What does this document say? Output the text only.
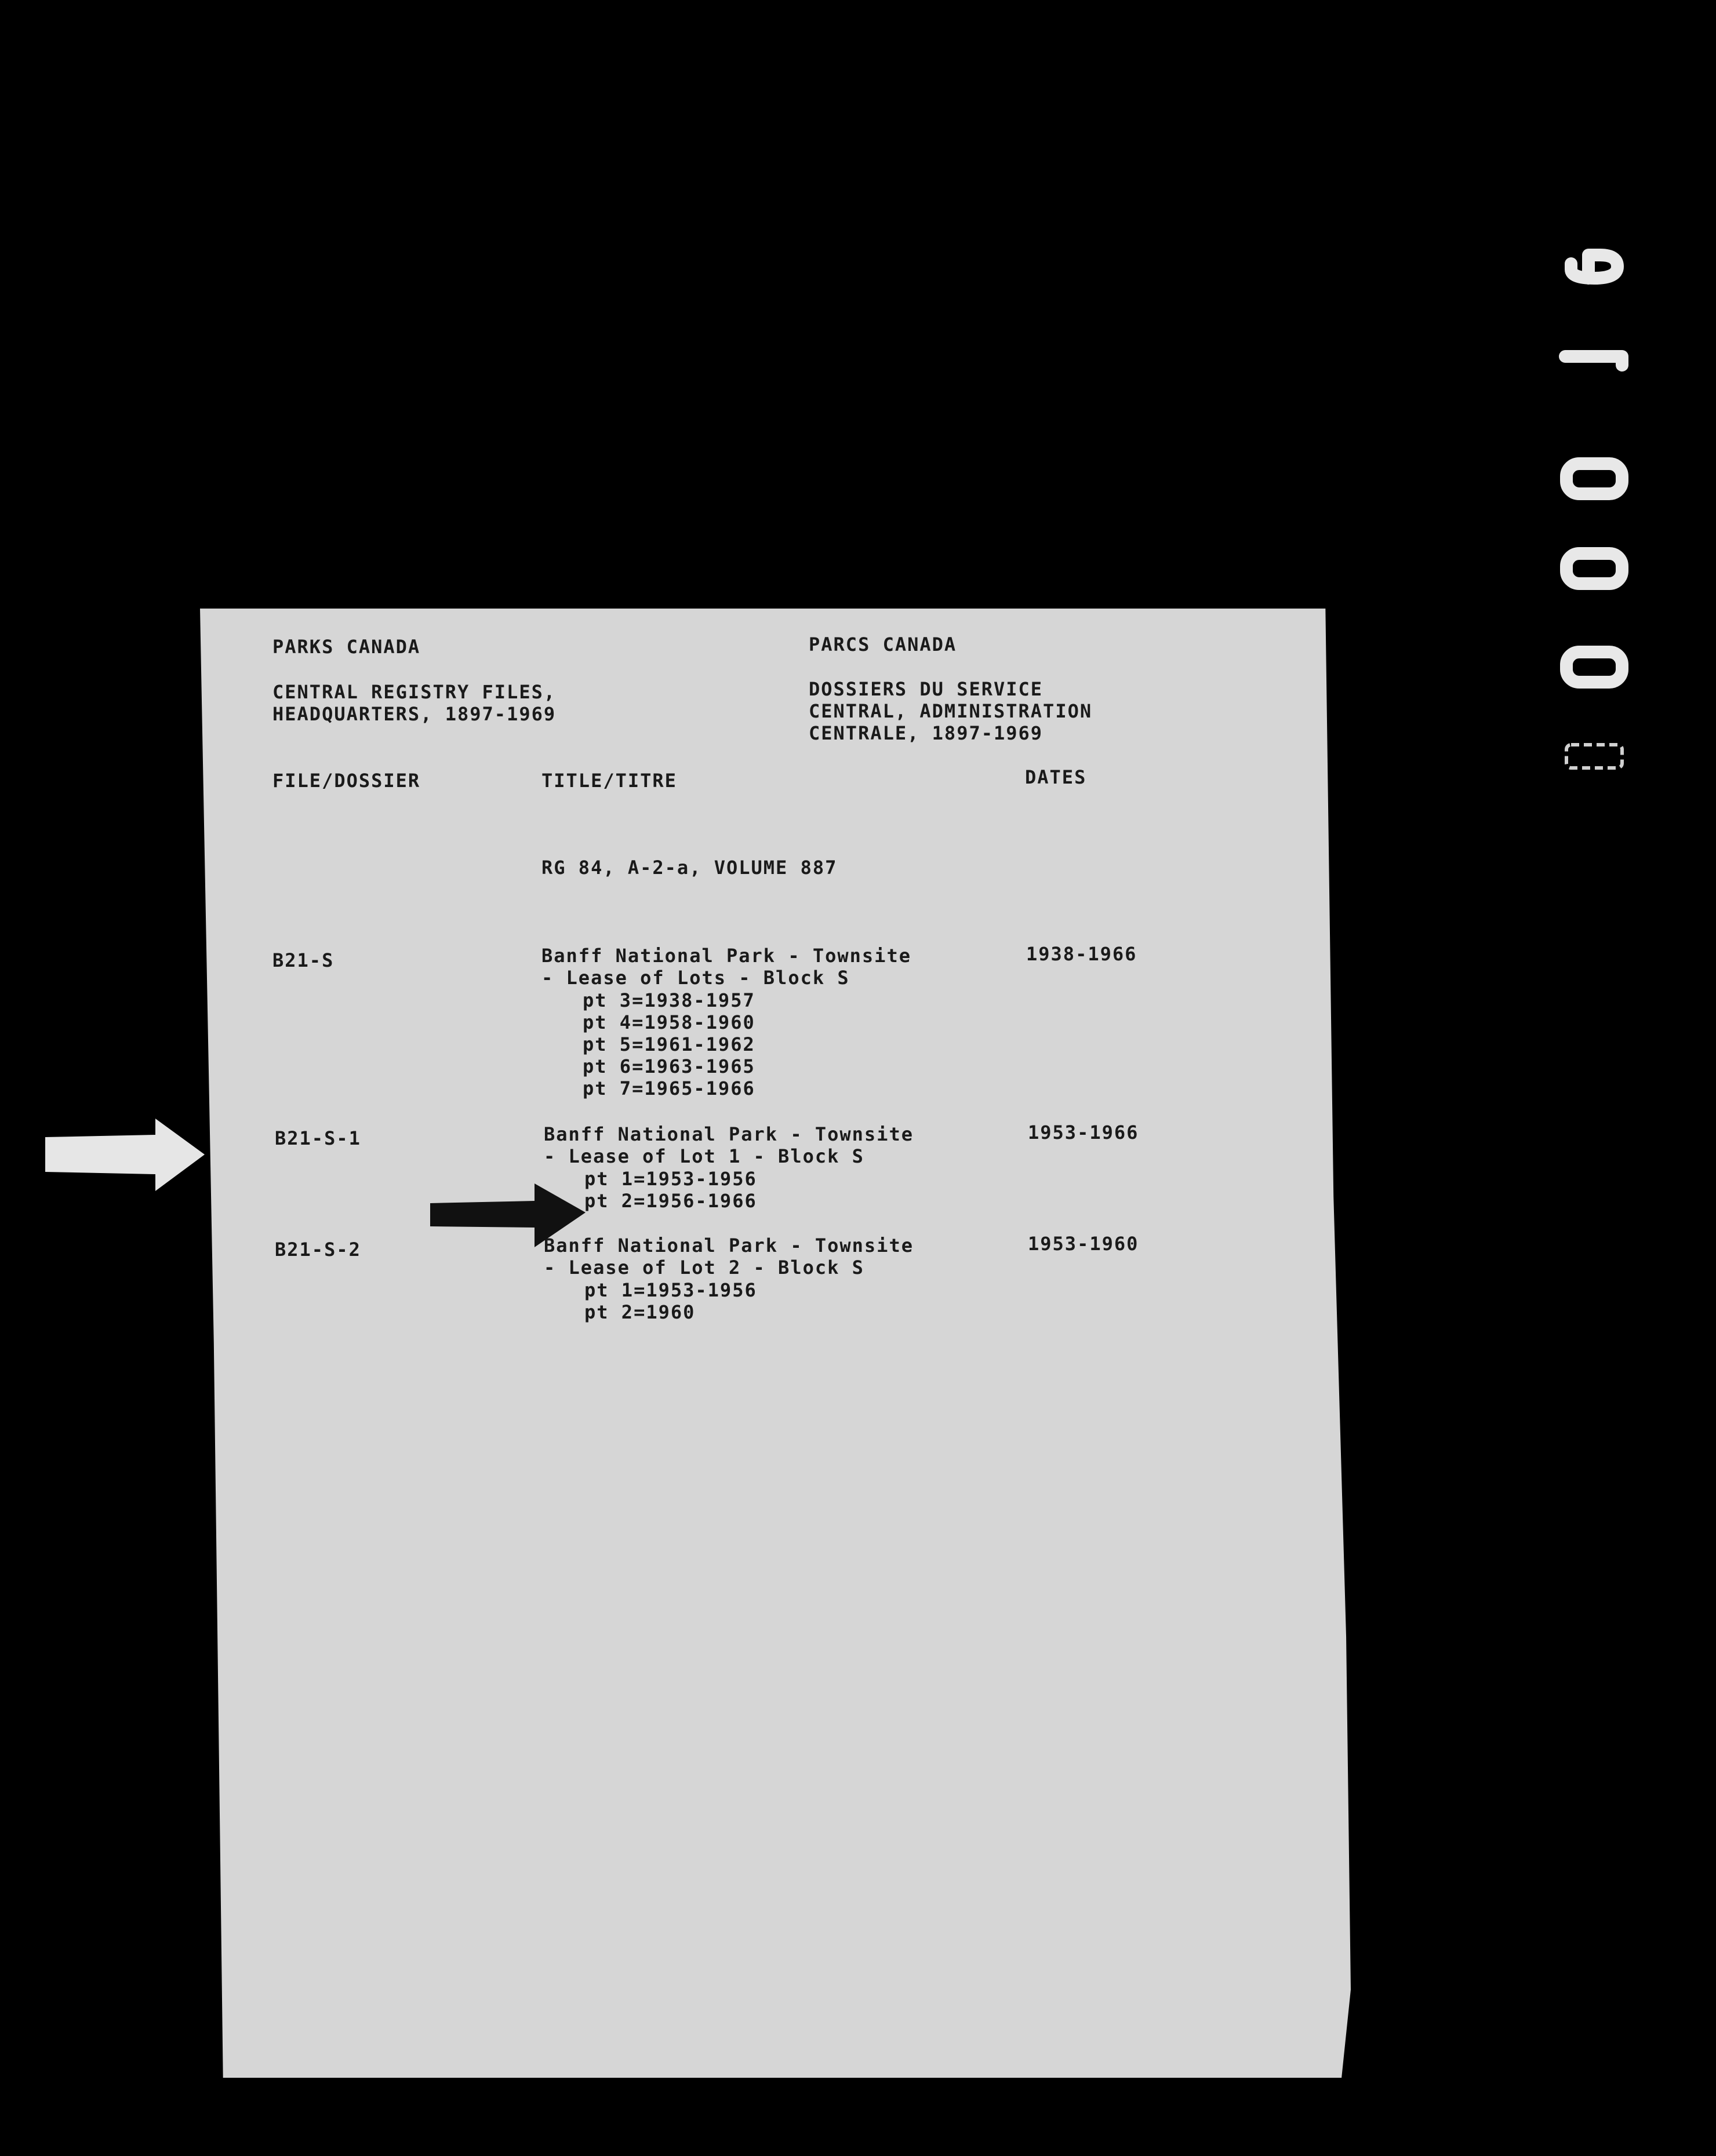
PARKS CANADA	PARCS CANADA
CENTRAL REGISTRY FILES,
HEADQUARTERS, 1897-1969
DOSSIERS DU SERVICE
CENTRAL, ADMINISTRATION
CENTRALE, 1897-1969
FILE/DOSSIER	TITLE/TITRE	DATES
RG 84, A-2-a, VOLUME 887
B21-S	Banff National Park - Townsite
- Lease of Lots - Block S
pt 3=1938-1957
pt 4=1958-1960
pt 5=1961-1962
pt 6=1963-1965
pt 7=1965-1966
1938-1966
B21-S-1	Banff National Park - Townsite
- Lease of Lot 1 - Block S
pt 1=1953-1956
pt 2=1956-1966
1953-1966
B21-S-2	Banff National Park - Townsite
- Lease of Lot 2 - Block S
pt 1=1953-1956
pt 2=1960
1953-1960
